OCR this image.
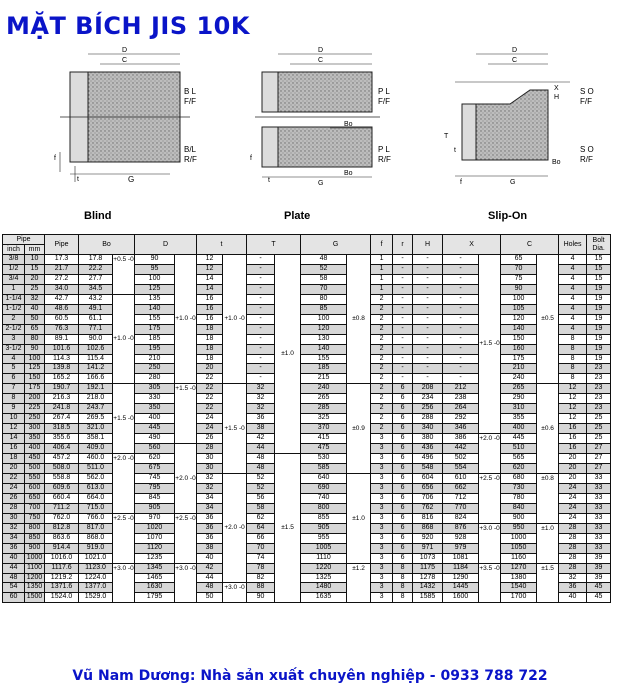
MẶT BÍCH JIS 10K
D
C
B L
F/F
B/L
R/F
G
f
t
D
C
P L
F/F
P L
R/F
Bo
Bo
G
f
t
D
C
X
H
S O
F/F
S O
R/F
T
t
f
Bo
G
Blind	Plate	Slip-On
Pipe		Pipe	Bo		D		t		T		G		f	r	H	X		C		Holes	Bolt Dia.
inch	mm																				
3/8	10	17.3	17.8	+0.5 -0	90	+1.0 -0	12	+1.0 -0	-	±1.0	48	±0.8	1	-	-	-	+1.5 -0	65	±0.5	4	15
1/2	15	21.7	22.2		95		12		-		52		1	-	-	-		70		4	15
3/4	20	27.2	27.7		100		14		-		58		1	-	-	-		75		4	15
1	25	34.0	34.5		125		14		-		70		1	-	-	-		90		4	19
1-1/4	32	42.7	43.2	+1.0 -0	135		16		-		80		2	-	-	-		100		4	19
1-1/2	40	48.6	49.1		140		16		-		85		2	-	-	-		105		4	19
2	50	60.5	61.1		155		16		-		100		2	-	-	-		120		4	19
2-1/2	65	76.3	77.1		175		18		-		120		2	-	-	-		140		4	19
3	80	89.1	90.0		185		18		-		130		2	-	-	-		150		8	19
3-1/2	90	101.6	102.6		195		18		-		140		2	-	-	-		160		8	19
4	100	114.3	115.4		210		18		-		155		2	-	-	-		175		8	19
5	125	139.8	141.2		250		20		-		185		2	-	-	-		210		8	23
6	150	165.2	166.6		280		22		-		215		2	-	-	-		240		8	23
7	175	190.7	192.1	+1.5 -0	305	+1.5 -0	22	+1.5 -0	32		240	±0.9	2	6	208	212		265	±0.6	12	23
8	200	216.3	218.0		330		22		32		265		2	6	234	238		290		12	23
9	225	241.8	243.7		350		22		32		285		2	6	256	264		310		12	23
10	250	267.4	269.5		400		24		36		325		2	6	288	292		355		12	25
12	300	318.5	321.0		445		24		38		370		2	6	340	346		400		16	25
14	350	355.6	358.1		490		26		42		415		3	6	380	386	+2.0 -0	445		16	25
16	400	406.4	409.0		560	+2.0 -0	28		44		475		3	6	436	442		510		16	27
18	450	457.2	460.0	+2.0 -0	620		30		48	±1.5	530		3	6	496	502		565		20	27
20	500	508.0	511.0		675		30		48		585		3	6	548	554		620		20	27
22	550	558.8	562.0		745		32	+2.0 -0	52		640	±1.0	3	6	604	610	+2.5 -0	680	±0.8	20	33
24	600	609.6	613.0		795		32		52		690		3	6	656	662		730		24	33
26	650	660.4	664.0		845		34		56		740		3	6	706	712		780		24	33
28	700	711.2	715.0		905		34		58		800		3	6	762	770		840		24	33
30	750	762.0	766.0	+2.5 -0	970	+2.5 -0	36		62		855		3	6	816	824		900		24	33
32	800	812.8	817.0		1020		36		64		905		3	6	868	876	+3.0 -0	950	±1.0	28	33
34	850	863.6	868.0		1070		36		66		955		3	6	920	928		1000		28	33
36	900	914.4	919.0		1120		38		70		1005		3	6	971	979		1050		28	33
40	1000	1016.0	1021.0		1235		40		74		1110		3	6	1073	1081		1160		28	39
44	1100	1117.6	1123.0	+3.0 -0	1345	+3.0 -0	42		78		1220	±1.2	3	8	1175	1184	+3.5 -0	1270	±1.5	28	39
48	1200	1219.2	1224.0		1465		44		82		1325		3	8	1278	1290		1380		32	39
54	1350	1371.6	1377.0		1630		48	+3.0 -0	88		1480		3	8	1432	1445		1540		36	45
60	1500	1524.0	1529.0		1795		50		90		1635		3	8	1585	1600		1700		40	45
Vũ Nam Dương: Nhà sản xuất chuyên nghiệp - 0933 788 722
